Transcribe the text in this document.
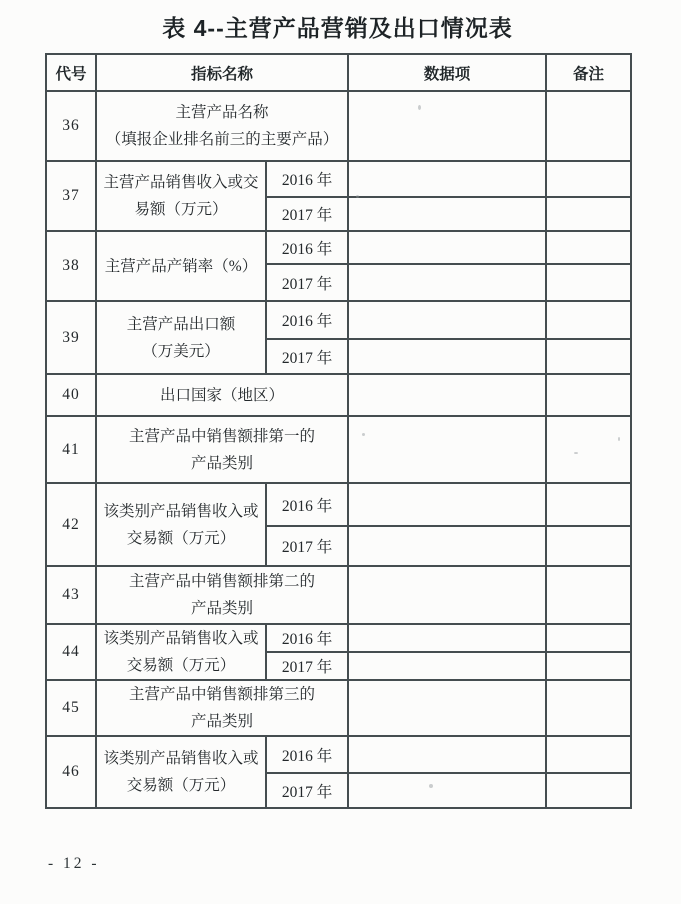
表 4--主营产品营销及出口情况表
代号	指标名称		数据项	备注
36	主营产品名称
（填报企业排名前三的主要产品）			

37	主营产品销售收入或交
易额（万元）	2016 年		
		2017 年		
38	主营产品产销率（%）	2016 年		
		2017 年		
39	主营产品出口额
（万美元）	2016 年		
		2017 年		
40	出口国家（地区）			

41	主营产品中销售额排第一的
产品类别			

42	该类别产品销售收入或
交易额（万元）	2016 年		
		2017 年		
43	主营产品中销售额排第二的
产品类别			

44	该类别产品销售收入或
交易额（万元）	2016 年		
		2017 年		
45	主营产品中销售额排第三的
产品类别			

46	该类别产品销售收入或
交易额（万元）	2016 年		
		2017 年		
- 12 -
